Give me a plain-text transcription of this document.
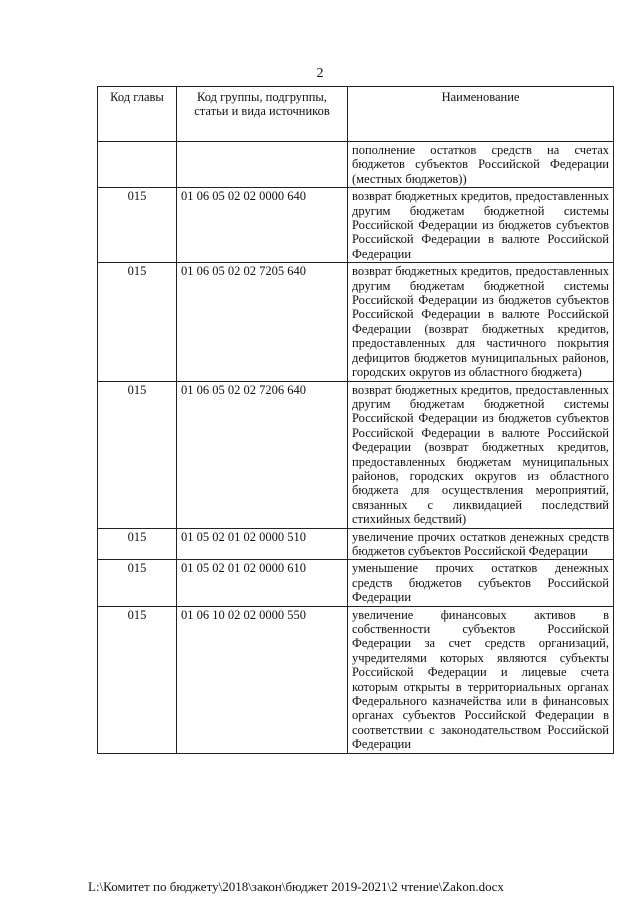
2
Код главы	Код группы, подгруппы, статьи и вида источников	Наименование
		пополнение остатков средств на счетах бюджетов субъектов Российской Федерации (местных бюджетов))
015	01 06 05 02 02 0000 640	возврат бюджетных кредитов, предоставленных другим бюджетам бюджетной системы Российской Федерации из бюджетов субъектов Российской Федерации в валюте Российской Федерации
015	01 06 05 02 02 7205 640	возврат бюджетных кредитов, предоставленных другим бюджетам бюджетной системы Российской Федерации из бюджетов субъектов Российской Федерации в валюте Российской Федерации (возврат бюджетных кредитов, предоставленных для частичного покрытия дефицитов бюджетов муниципальных районов, городских округов из областного бюджета)
015	01 06 05 02 02 7206 640	возврат бюджетных кредитов, предоставленных другим бюджетам бюджетной системы Российской Федерации из бюджетов субъектов Российской Федерации в валюте Российской Федерации (возврат бюджетных кредитов, предоставленных бюджетам муниципальных районов, городских округов из областного бюджета для осуществления мероприятий, связанных с ликвидацией последствий стихийных бедствий)
015	01 05 02 01 02 0000 510	увеличение прочих остатков денежных средств бюджетов субъектов Российской Федерации
015	01 05 02 01 02 0000 610	уменьшение прочих остатков денежных средств бюджетов субъектов Российской Федерации
015	01 06 10 02 02 0000 550	увеличение финансовых активов в собственности субъектов Российской Федерации за счет средств организаций, учредителями которых являются субъекты Российской Федерации и лицевые счета которым открыты в территориальных органах Федерального казначейства или в финансовых органах субъектов Российской Федерации в соответствии с законодательством Российской Федерации
L:\Комитет по бюджету\2018\закон\бюджет 2019-2021\2 чтение\Zakon.docx
